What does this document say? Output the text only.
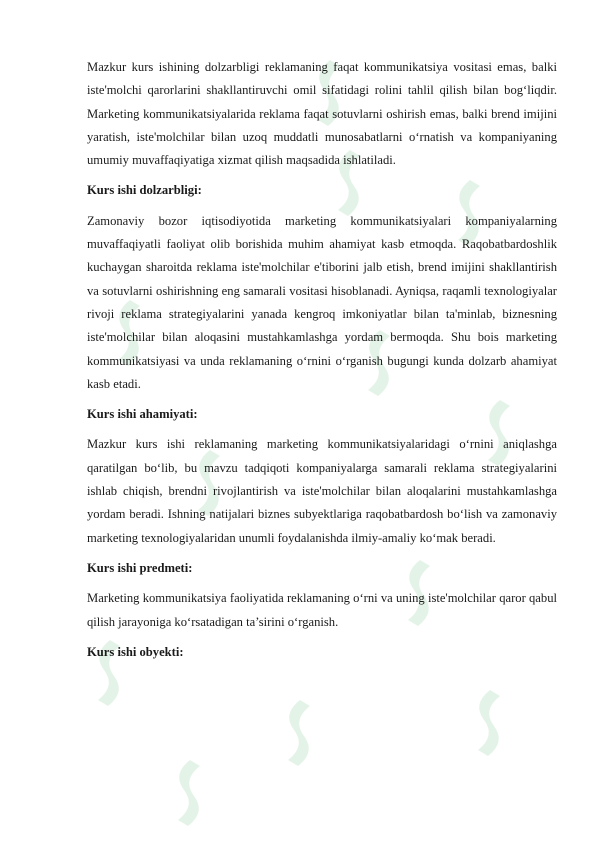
Mazkur kurs ishining dolzarbligi reklamaning faqat kommunikatsiya vositasi emas, balki iste'molchi qarorlarini shakllantiruvchi omil sifatidagi rolini tahlil qilish bilan bog‘liqdir. Marketing kommunikatsiyalarida reklama faqat sotuvlarni oshirish emas, balki brend imijini yaratish, iste'molchilar bilan uzoq muddatli munosabatlarni o‘rnatish va kompaniyaning umumiy muvaffaqiyatiga xizmat qilish maqsadida ishlatiladi.

Kurs ishi dolzarbligi:

Zamonaviy bozor iqtisodiyotida marketing kommunikatsiyalari kompaniyalarning muvaffaqiyatli faoliyat olib borishida muhim ahamiyat kasb etmoqda. Raqobatbardoshlik kuchaygan sharoitda reklama iste'molchilar e'tiborini jalb etish, brend imijini shakllantirish va sotuvlarni oshirishning eng samarali vositasi hisoblanadi. Ayniqsa, raqamli texnologiyalar rivoji reklama strategiyalarini yanada kengroq imkoniyatlar bilan ta'minlab, biznesning iste'molchilar bilan aloqasini mustahkamlashga yordam bermoqda. Shu bois marketing kommunikatsiyasi va unda reklamaning o‘rnini o‘rganish bugungi kunda dolzarb ahamiyat kasb etadi.

Kurs ishi ahamiyati:

Mazkur kurs ishi reklamaning marketing kommunikatsiyalaridagi o‘rnini aniqlashga qaratilgan bo‘lib, bu mavzu tadqiqoti kompaniyalarga samarali reklama strategiyalarini ishlab chiqish, brendni rivojlantirish va iste'molchilar bilan aloqalarini mustahkamlashga yordam beradi. Ishning natijalari biznes subyektlariga raqobatbardosh bo‘lish va zamonaviy marketing texnologiyalaridan unumli foydalanishda ilmiy-amaliy ko‘mak beradi.

Kurs ishi predmeti:

Marketing kommunikatsiya faoliyatida reklamaning o‘rni va uning iste'molchilar qaror qabul qilish jarayoniga ko‘rsatadigan ta’sirini o‘rganish.

Kurs ishi obyekti:
